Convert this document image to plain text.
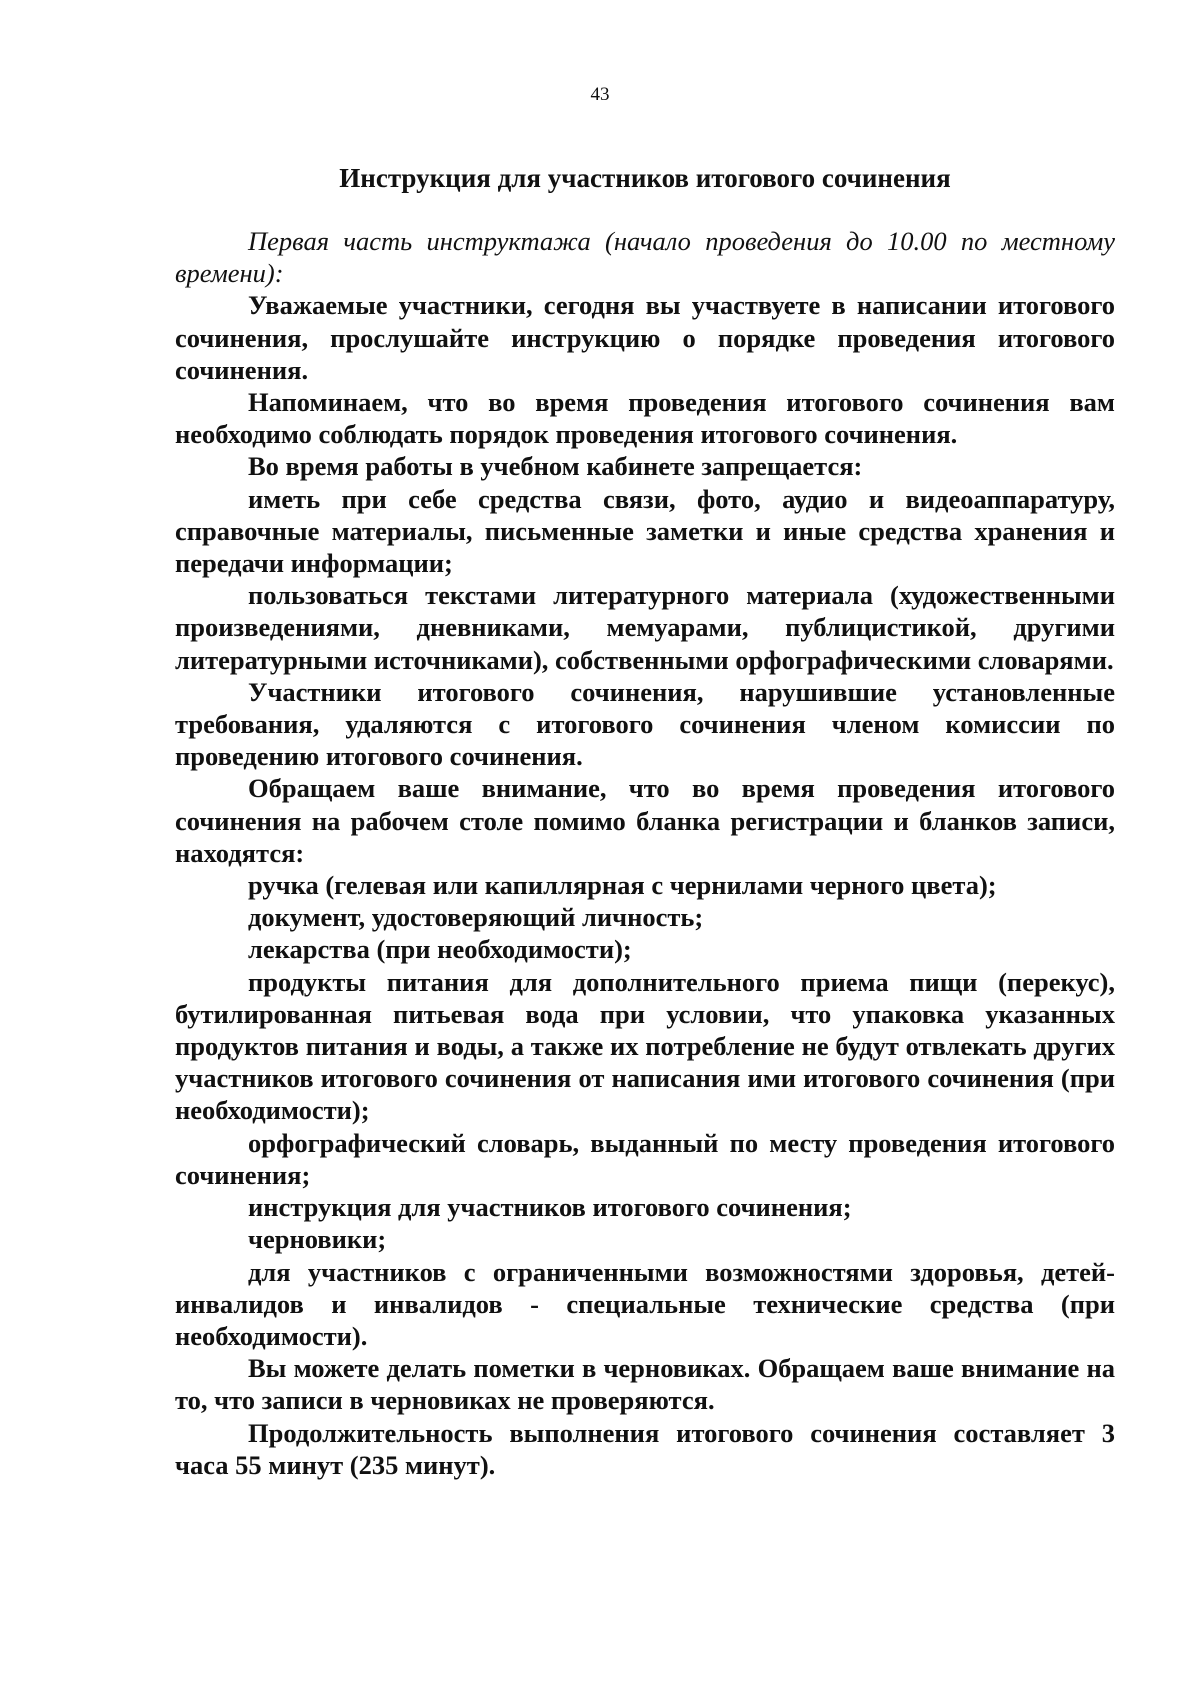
43
Инструкция для участников итогового сочинения

Первая часть инструктажа (начало проведения до 10.00 по местному времени):

Уважаемые участники, сегодня вы участвуете в написании итогового сочинения, прослушайте инструкцию о порядке проведения итогового сочинения.

Напоминаем, что во время проведения итогового сочинения вам необходимо соблюдать порядок проведения итогового сочинения.

Во время работы в учебном кабинете запрещается:

иметь при себе средства связи, фото, аудио и видеоаппаратуру, справочные материалы, письменные заметки и иные средства хранения и передачи информации;

пользоваться текстами литературного материала (художественными произведениями, дневниками, мемуарами, публицистикой, другими литературными источниками), собственными орфографическими словарями.

Участники итогового сочинения, нарушившие установленные требования, удаляются с итогового сочинения членом комиссии по проведению итогового сочинения.

Обращаем ваше внимание, что во время проведения итогового сочинения на рабочем столе помимо бланка регистрации и бланков записи, находятся:

ручка (гелевая или капиллярная с чернилами черного цвета);

документ, удостоверяющий личность;

лекарства (при необходимости);

продукты питания для дополнительного приема пищи (перекус), бутилированная питьевая вода при условии, что упаковка указанных продуктов питания и воды, а также их потребление не будут отвлекать других участников итогового сочинения от написания ими итогового сочинения (при необходимости);

орфографический словарь, выданный по месту проведения итогового сочинения;

инструкция для участников итогового сочинения;

черновики;

для участников с ограниченными возможностями здоровья, детей-инвалидов и инвалидов - специальные технические средства (при необходимости).

Вы можете делать пометки в черновиках. Обращаем ваше внимание на то, что записи в черновиках не проверяются.

Продолжительность выполнения итогового сочинения составляет 3 часа 55 минут (235 минут).
